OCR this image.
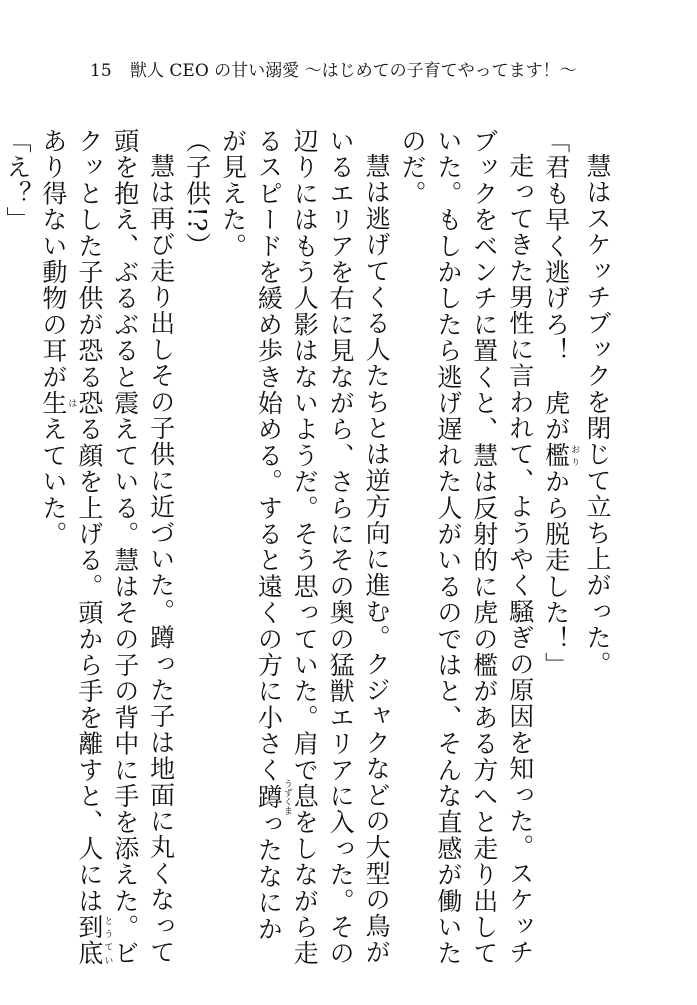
15 獣人 CEO の甘い溺愛 〜はじめての子育てやってます！〜

慧はスケッチブックを閉じて立ち上がった。

「君も早く逃げろ！　虎が檻おりから脱走した！」

走ってきた男性に言われて、ようやく騒ぎの原因を知った。スケッチブックをベンチに置くと、慧は反射的に虎の檻がある方へと走り出していた。もしかしたら逃げ遅れた人がいるのではと、そんな直感が働いたのだ。

慧は逃げてくる人たちとは逆方向に進む。クジャクなどの大型の鳥がいるエリアを右に見ながら、さらにその奥の猛獣エリアに入った。その辺りにはもう人影はないようだ。そう思っていた。肩で息をしながら走るスピードを緩め歩き始める。すると遠くの方に小さく蹲うずくまったなにかが見えた。

（子供!?）

慧は再び走り出しその子供に近づいた。蹲った子は地面に丸くなって頭を抱え、ぶるぶると震えている。慧はその子の背中に手を添えた。ビクッとした子供が恐る恐る顔を上げる。頭から手を離すと、人には到底とうていあり得ない動物の耳が生はえていた。

「え？」
